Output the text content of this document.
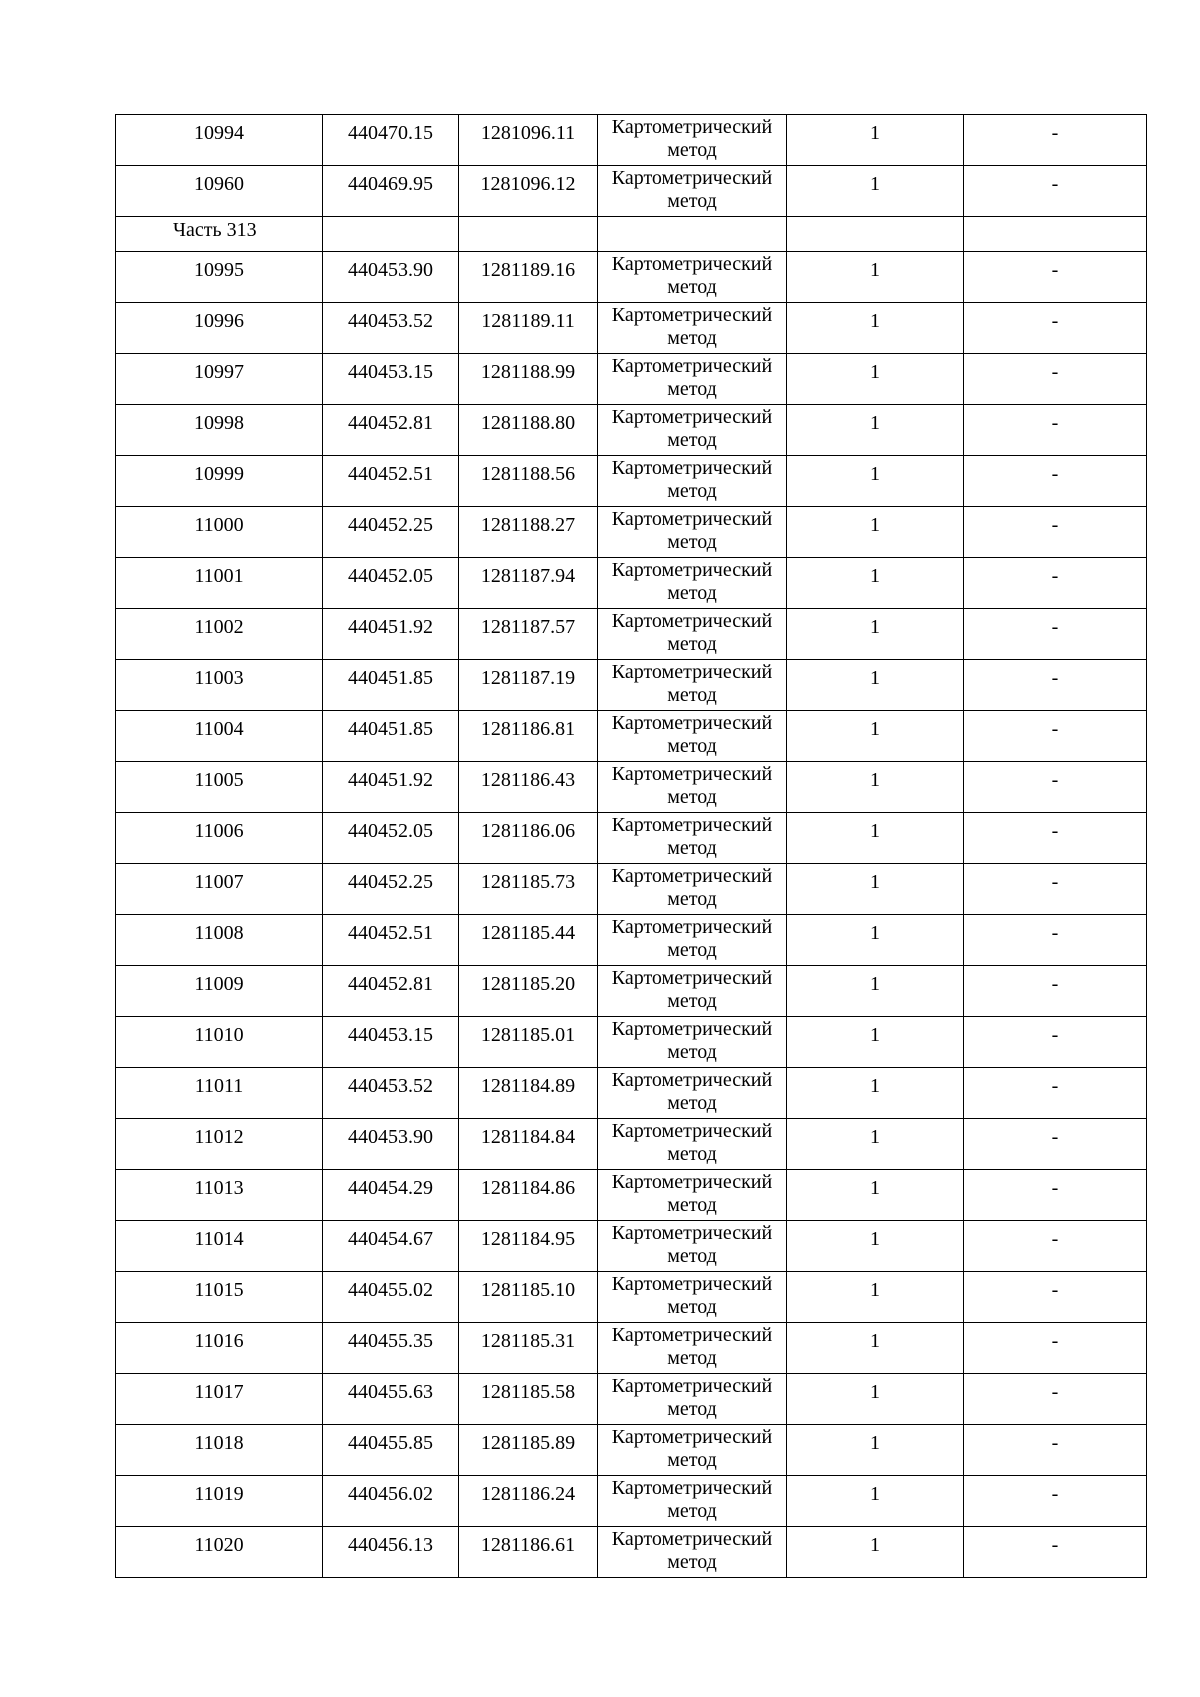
10994	440470.15	1281096.11	Картометрический метод	1	-

10960	440469.95	1281096.12	Картометрический метод	1	-

Часть 313					

10995	440453.90	1281189.16	Картометрический метод	1	-

10996	440453.52	1281189.11	Картометрический метод	1	-

10997	440453.15	1281188.99	Картометрический метод	1	-

10998	440452.81	1281188.80	Картометрический метод	1	-

10999	440452.51	1281188.56	Картометрический метод	1	-

11000	440452.25	1281188.27	Картометрический метод	1	-

11001	440452.05	1281187.94	Картометрический метод	1	-

11002	440451.92	1281187.57	Картометрический метод	1	-

11003	440451.85	1281187.19	Картометрический метод	1	-

11004	440451.85	1281186.81	Картометрический метод	1	-

11005	440451.92	1281186.43	Картометрический метод	1	-

11006	440452.05	1281186.06	Картометрический метод	1	-

11007	440452.25	1281185.73	Картометрический метод	1	-

11008	440452.51	1281185.44	Картометрический метод	1	-

11009	440452.81	1281185.20	Картометрический метод	1	-

11010	440453.15	1281185.01	Картометрический метод	1	-

11011	440453.52	1281184.89	Картометрический метод	1	-

11012	440453.90	1281184.84	Картометрический метод	1	-

11013	440454.29	1281184.86	Картометрический метод	1	-

11014	440454.67	1281184.95	Картометрический метод	1	-

11015	440455.02	1281185.10	Картометрический метод	1	-

11016	440455.35	1281185.31	Картометрический метод	1	-

11017	440455.63	1281185.58	Картометрический метод	1	-

11018	440455.85	1281185.89	Картометрический метод	1	-

11019	440456.02	1281186.24	Картометрический метод	1	-

11020	440456.13	1281186.61	Картометрический метод	1	-
